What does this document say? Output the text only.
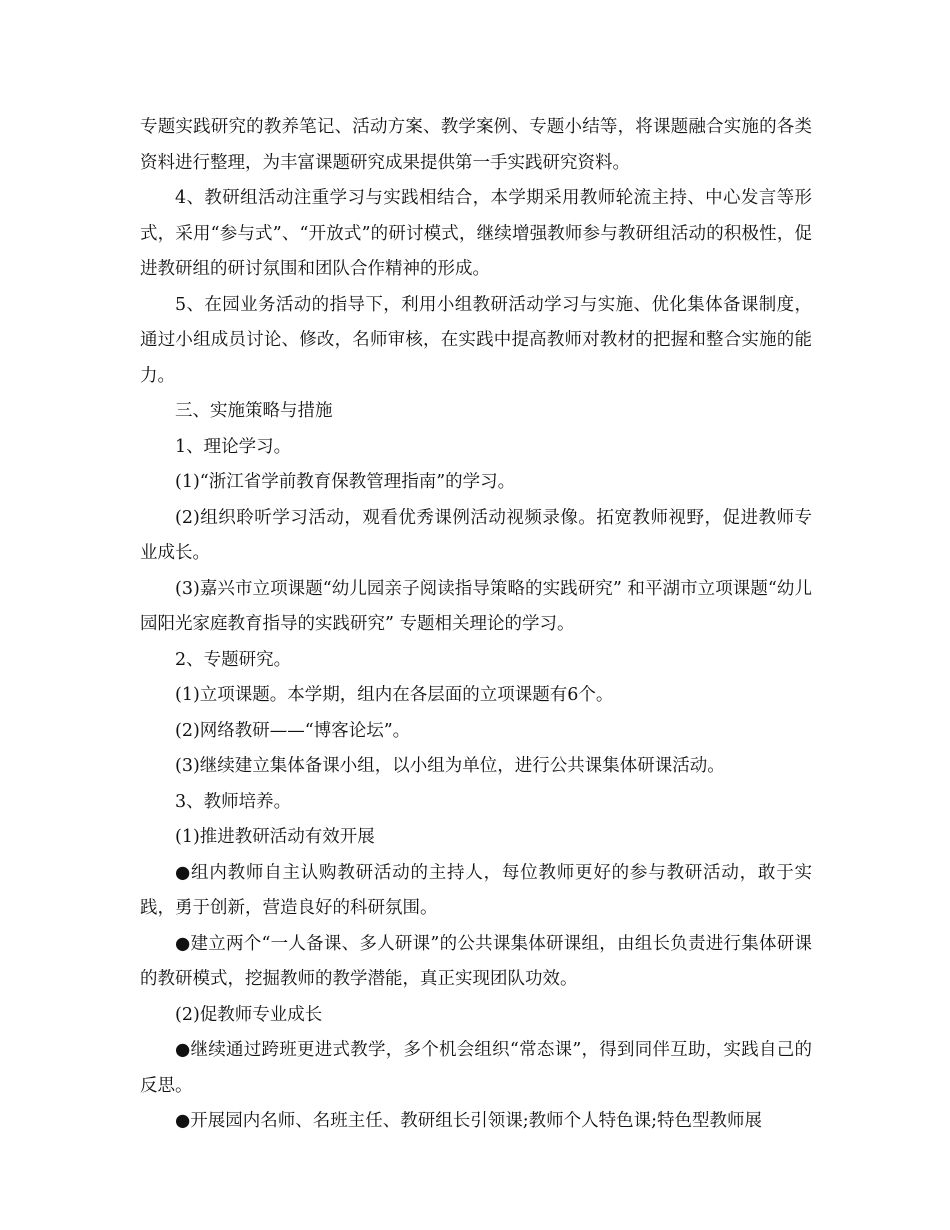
专题实践研究的教养笔记、活动方案、教学案例、专题小结等，将课题融合实施的各类资料进行整理，为丰富课题研究成果提供第一手实践研究资料。

4、教研组活动注重学习与实践相结合，本学期采用教师轮流主持、中心发言等形式，采用“参与式”、“开放式”的研讨模式，继续增强教师参与教研组活动的积极性，促进教研组的研讨氛围和团队合作精神的形成。

5、在园业务活动的指导下，利用小组教研活动学习与实施、优化集体备课制度，通过小组成员讨论、修改，名师审核，在实践中提高教师对教材的把握和整合实施的能力。

三、实施策略与措施

1、理论学习。

(1)“浙江省学前教育保教管理指南”的学习。

(2)组织聆听学习活动，观看优秀课例活动视频录像。拓宽教师视野，促进教师专业成长。

(3)嘉兴市立项课题“幼儿园亲子阅读指导策略的实践研究” 和平湖市立项课题“幼儿园阳光家庭教育指导的实践研究” 专题相关理论的学习。

2、专题研究。

(1)立项课题。本学期，组内在各层面的立项课题有6个。

(2)网络教研——“博客论坛”。

(3)继续建立集体备课小组，以小组为单位，进行公共课集体研课活动。

3、教师培养。

(1)推进教研活动有效开展

●组内教师自主认购教研活动的主持人，每位教师更好的参与教研活动，敢于实践，勇于创新，营造良好的科研氛围。

●建立两个“一人备课、多人研课”的公共课集体研课组，由组长负责进行集体研课的教研模式，挖掘教师的教学潜能，真正实现团队功效。

(2)促教师专业成长

●继续通过跨班更进式教学，多个机会组织“常态课”，得到同伴互助，实践自己的反思。

●开展园内名师、名班主任、教研组长引领课;教师个人特色课;特色型教师展
